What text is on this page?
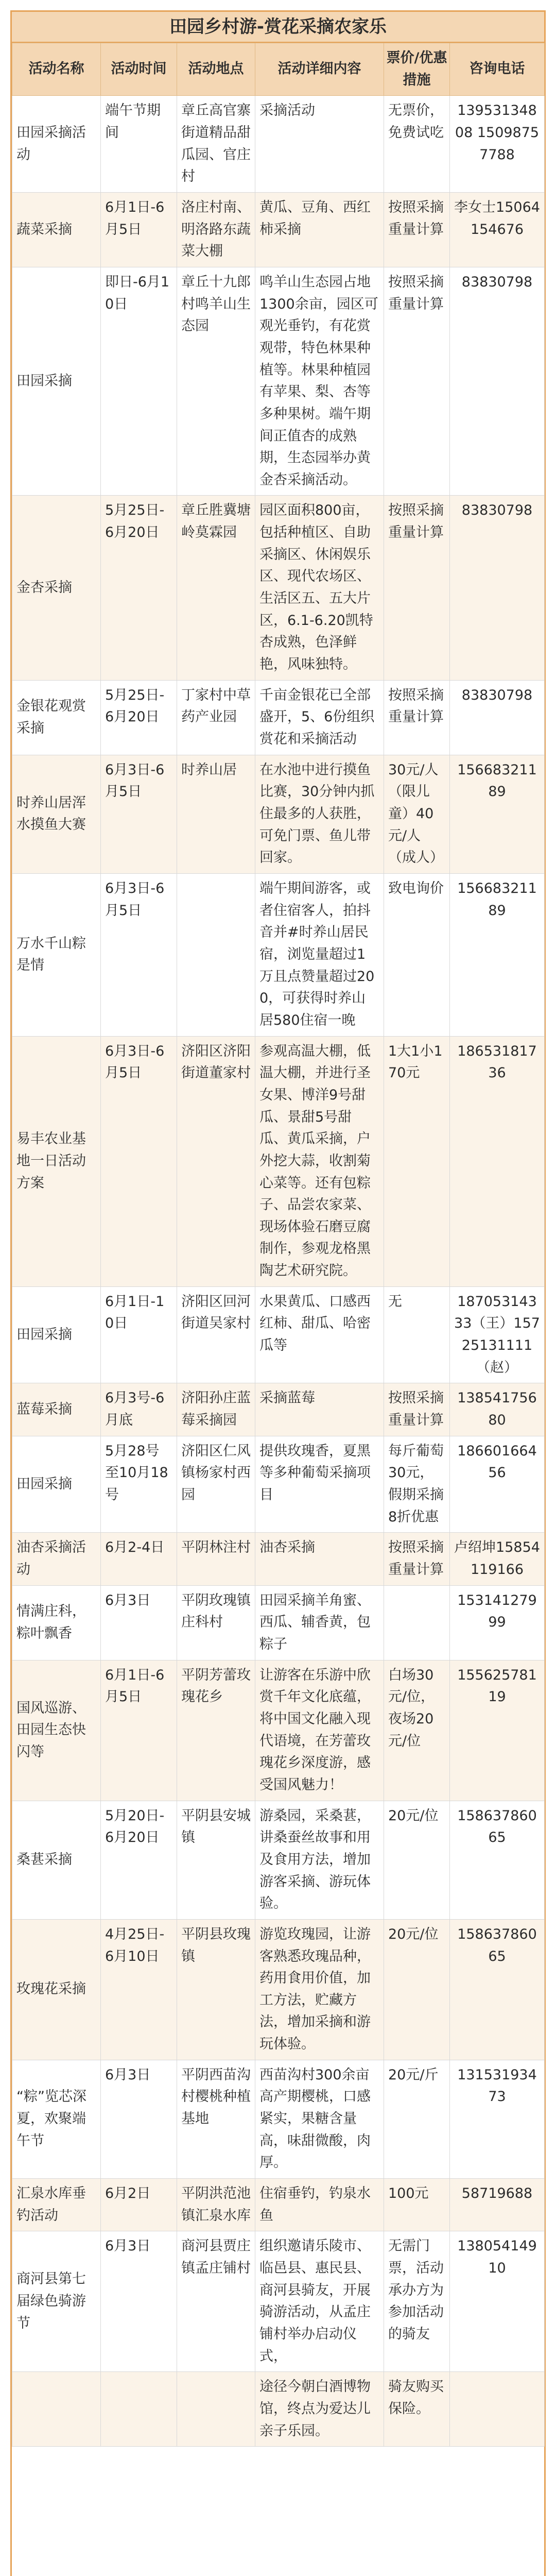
田园乡村游-赏花采摘农家乐
活动名称	活动时间	活动地点	活动详细内容	票价/优惠措施	咨询电话
田园采摘活动	端午节期间	章丘高官寨街道精品甜瓜园、官庄村	采摘活动	无票价，免费试吃	13953134808 15098757788
蔬菜采摘	6月1日-6月5日	洛庄村南、明洛路东蔬菜大棚	黄瓜、豆角、西红柿采摘	按照采摘重量计算	李女士15064154676
田园采摘	即日-6月10日	章丘十九郎村鸣羊山生态园	鸣羊山生态园占地1300余亩，园区可观光垂钓，有花赏观带，特色林果种植等。林果种植园有苹果、梨、杏等多种果树。端午期间正值杏的成熟期，生态园举办黄金杏采摘活动。	按照采摘重量计算	83830798
金杏采摘	5月25日-6月20日	章丘胜冀塘岭莫霖园	园区面积800亩，包括种植区、自助采摘区、休闲娱乐区、现代农场区、生活区五、五大片区，6.1-6.20凯特杏成熟，色泽鲜艳，风味独特。	按照采摘重量计算	83830798
金银花观赏采摘	5月25日-6月20日	丁家村中草药产业园	千亩金银花已全部盛开，5、6份组织赏花和采摘活动	按照采摘重量计算	83830798
时养山居浑水摸鱼大赛	6月3日-6月5日	时养山居	在水池中进行摸鱼比赛，30分钟内抓住最多的人获胜，可免门票、鱼儿带回家。	30元/人（限儿童）40元/人（成人）	15668321189
万水千山粽是情	6月3日-6月5日		端午期间游客，或者住宿客人，拍抖音并#时养山居民宿，浏览量超过1万且点赞量超过200，可获得时养山居580住宿一晚	致电询价	15668321189
易丰农业基地一日活动方案	6月3日-6月5日	济阳区济阳街道董家村	参观高温大棚，低温大棚，并进行圣女果、博洋9号甜瓜、景甜5号甜瓜、黄瓜采摘，户外挖大蒜，收割菊心菜等。还有包粽子、品尝农家菜、现场体验石磨豆腐制作，参观龙格黑陶艺术研究院。	1大1小170元	18653181736
田园采摘	6月1日-10日	济阳区回河街道吴家村	水果黄瓜、口感西红柿、甜瓜、哈密瓜等	无	18705314333（王）15725131111（赵）
蓝莓采摘	6月3号-6月底	济阳孙庄蓝莓采摘园	采摘蓝莓	按照采摘重量计算	13854175680
田园采摘	5月28号至10月18号	济阳区仁风镇杨家村西园	提供玫瑰香，夏黑等多种葡萄采摘项目	每斤葡萄30元，假期采摘8折优惠	18660166456
油杏采摘活动	6月2-4日	平阴林注村	油杏采摘	按照采摘重量计算	卢绍坤15854119166
情满庄科，粽叶飘香	6月3日	平阴玫瑰镇庄科村	田园采摘羊角蜜、西瓜、辅香黄，包粽子		15314127999
国风巡游、田园生态快闪等	6月1日-6月5日	平阴芳蕾玫瑰花乡	让游客在乐游中欣赏千年文化底蕴，将中国文化融入现代语境，在芳蕾玫瑰花乡深度游，感受国风魅力！	白场30元/位，夜场20元/位	15562578119
桑葚采摘	5月20日-6月20日	平阴县安城镇	游桑园，采桑葚，讲桑蚕丝故事和用及食用方法，增加游客采摘、游玩体验。	20元/位	15863786065
玫瑰花采摘	4月25日-6月10日	平阴县玫瑰镇	游览玫瑰园，让游客熟悉玫瑰品种，药用食用价值，加工方法，贮藏方法，增加采摘和游玩体验。	20元/位	15863786065
“粽”览芯深夏，欢聚端午节	6月3日	平阴西苗沟村樱桃种植基地	西苗沟村300余亩高产期樱桃，口感紧实，果糖含量高，味甜微酸，肉厚。	20元/斤	13153193473
汇泉水库垂钓活动	6月2日	平阴洪范池镇汇泉水库	住宿垂钓，钓泉水鱼	100元	58719688
商河县第七届绿色骑游节	6月3日	商河县贾庄镇孟庄铺村	组织邀请乐陵市、临邑县、惠民县、商河县骑友，开展骑游活动，从孟庄铺村举办启动仪式，	无需门票，活动承办方为参加活动的骑友	13805414910
			途径今朝白酒博物馆，终点为爱达儿亲子乐园。	骑友购买保险。	
